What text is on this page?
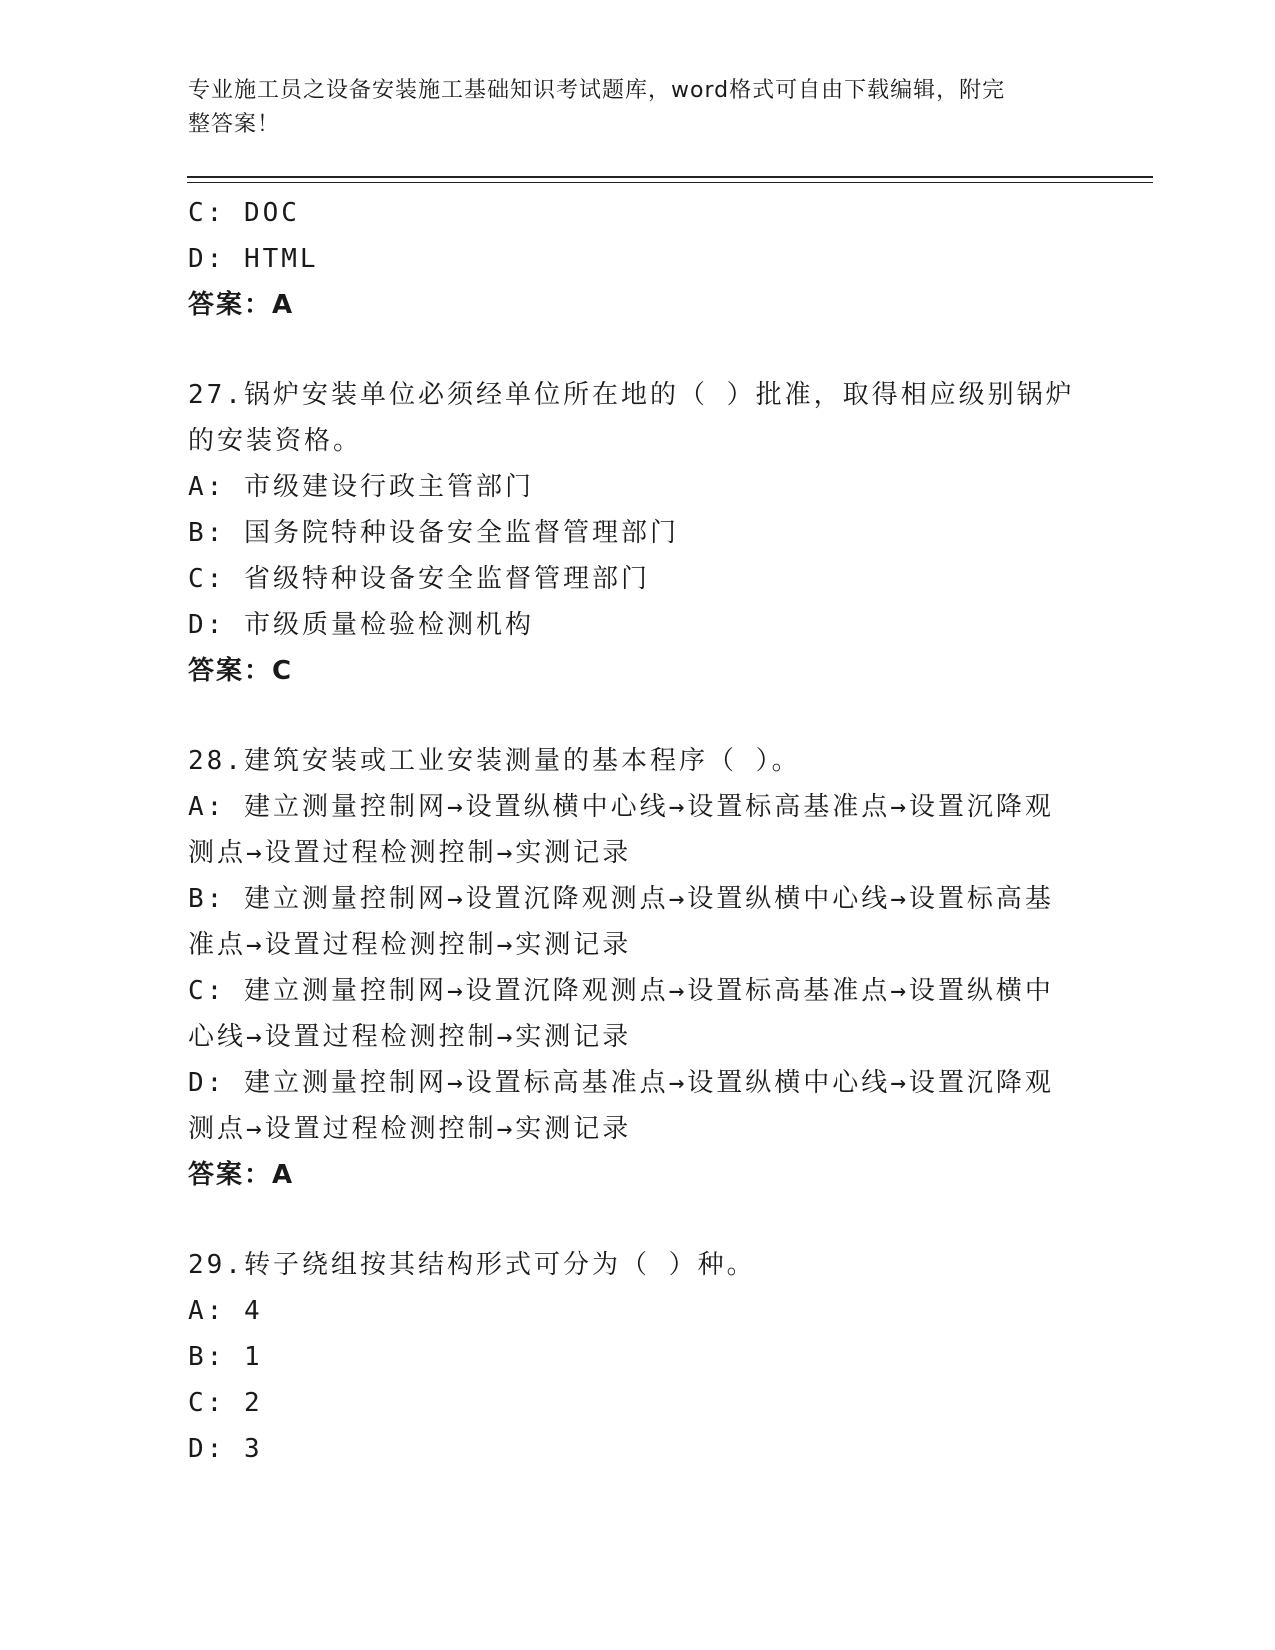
专业施工员之设备安装施工基础知识考试题库，word格式可自由下载编辑，附完
整答案！
C: DOC
D: HTML
答案：A
27.锅炉安装单位必须经单位所在地的（ ）批准，取得相应级别锅炉
的安装资格。
A: 市级建设行政主管部门
B: 国务院特种设备安全监督管理部门
C: 省级特种设备安全监督管理部门
D: 市级质量检验检测机构
答案：C
28.建筑安装或工业安装测量的基本程序（ ）。
A: 建立测量控制网→设置纵横中心线→设置标高基准点→设置沉降观
测点→设置过程检测控制→实测记录
B: 建立测量控制网→设置沉降观测点→设置纵横中心线→设置标高基
准点→设置过程检测控制→实测记录
C: 建立测量控制网→设置沉降观测点→设置标高基准点→设置纵横中
心线→设置过程检测控制→实测记录
D: 建立测量控制网→设置标高基准点→设置纵横中心线→设置沉降观
测点→设置过程检测控制→实测记录
答案：A
29.转子绕组按其结构形式可分为（ ）种。
A: 4
B: 1
C: 2
D: 3
